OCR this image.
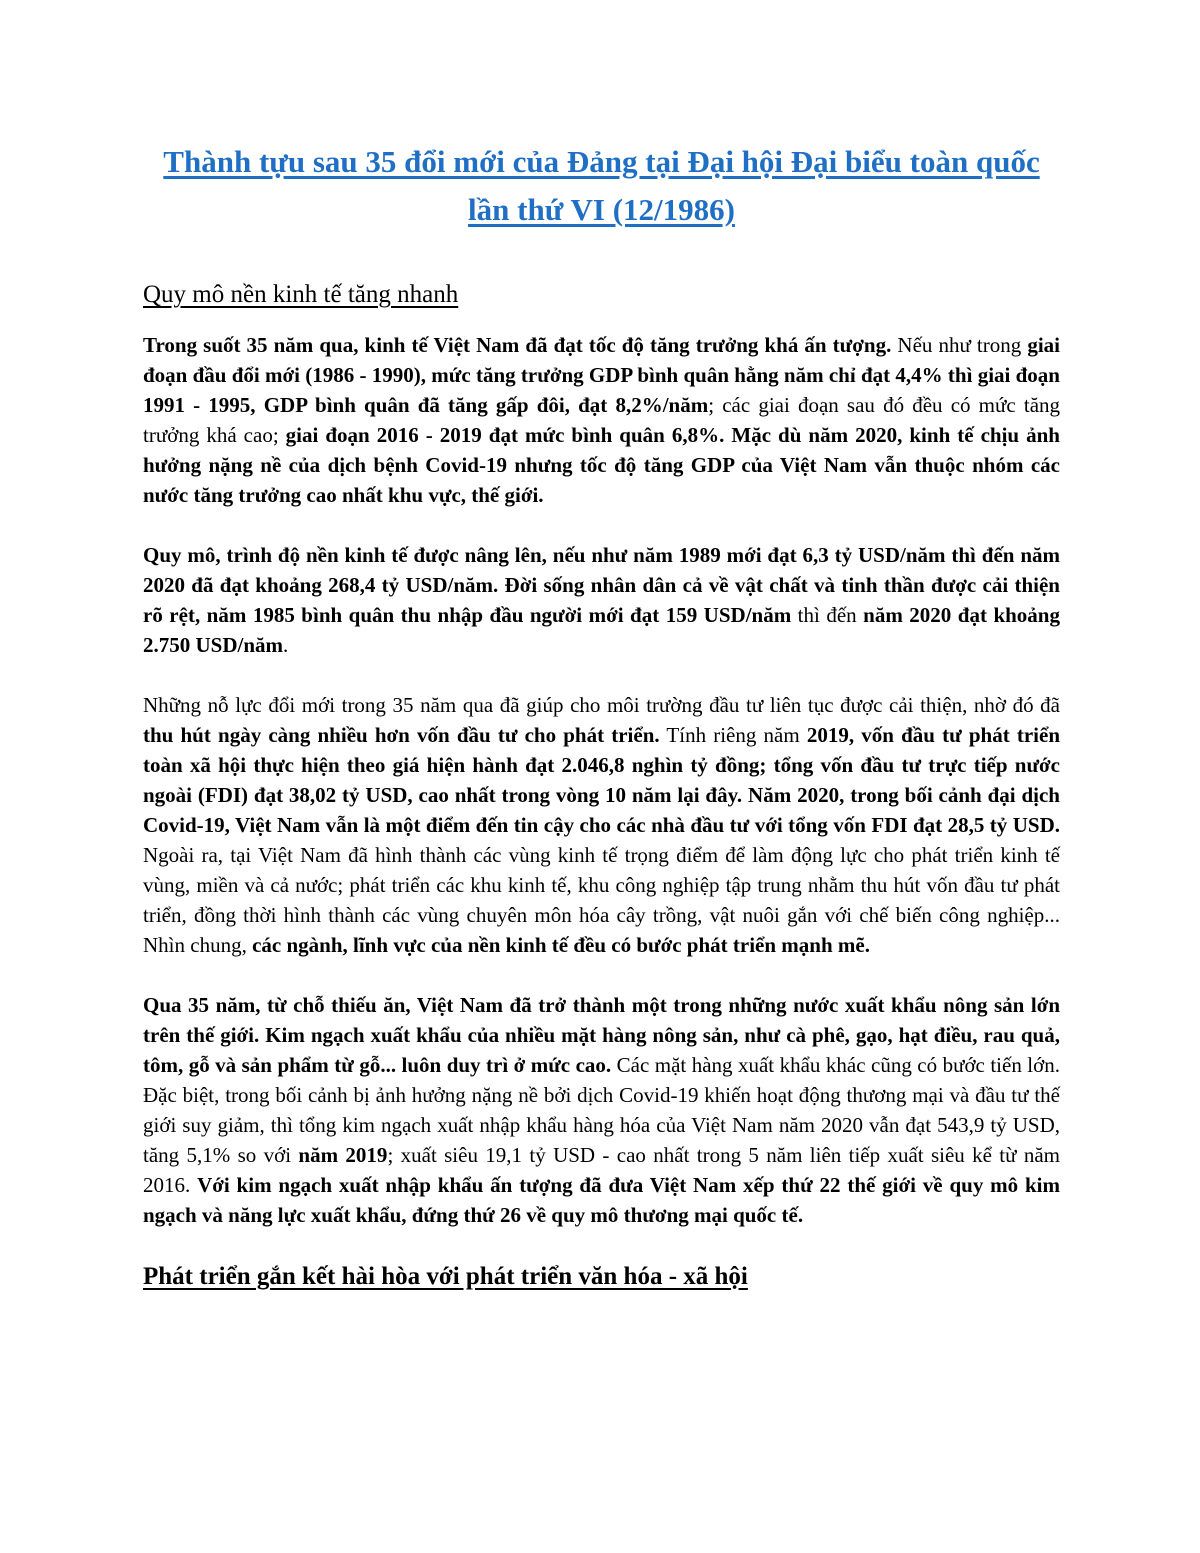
Thành tựu sau 35 đổi mới của Đảng tại Đại hội Đại biểu toàn quốc lần thứ VI (12/1986)
Quy mô nền kinh tế tăng nhanh

Trong suốt 35 năm qua, kinh tế Việt Nam đã đạt tốc độ tăng trưởng khá ấn tượng. Nếu như trong giai đoạn đầu đổi mới (1986 - 1990), mức tăng trưởng GDP bình quân hằng năm chỉ đạt 4,4% thì giai đoạn 1991 - 1995, GDP bình quân đã tăng gấp đôi, đạt 8,2%/năm; các giai đoạn sau đó đều có mức tăng trưởng khá cao; giai đoạn 2016 - 2019 đạt mức bình quân 6,8%. Mặc dù năm 2020, kinh tế chịu ảnh hưởng nặng nề của dịch bệnh Covid-19 nhưng tốc độ tăng GDP của Việt Nam vẫn thuộc nhóm các nước tăng trưởng cao nhất khu vực, thế giới.

Quy mô, trình độ nền kinh tế được nâng lên, nếu như năm 1989 mới đạt 6,3 tỷ USD/năm thì đến năm 2020 đã đạt khoảng 268,4 tỷ USD/năm. Đời sống nhân dân cả về vật chất và tinh thần được cải thiện rõ rệt, năm 1985 bình quân thu nhập đầu người mới đạt 159 USD/năm thì đến năm 2020 đạt khoảng 2.750 USD/năm.

Những nỗ lực đổi mới trong 35 năm qua đã giúp cho môi trường đầu tư liên tục được cải thiện, nhờ đó đã thu hút ngày càng nhiều hơn vốn đầu tư cho phát triển. Tính riêng năm 2019, vốn đầu tư phát triển toàn xã hội thực hiện theo giá hiện hành đạt 2.046,8 nghìn tỷ đồng; tổng vốn đầu tư trực tiếp nước ngoài (FDI) đạt 38,02 tỷ USD, cao nhất trong vòng 10 năm lại đây. Năm 2020, trong bối cảnh đại dịch Covid-19, Việt Nam vẫn là một điểm đến tin cậy cho các nhà đầu tư với tổng vốn FDI đạt 28,5 tỷ USD. Ngoài ra, tại Việt Nam đã hình thành các vùng kinh tế trọng điểm để làm động lực cho phát triển kinh tế vùng, miền và cả nước; phát triển các khu kinh tế, khu công nghiệp tập trung nhằm thu hút vốn đầu tư phát triển, đồng thời hình thành các vùng chuyên môn hóa cây trồng, vật nuôi gắn với chế biến công nghiệp... Nhìn chung, các ngành, lĩnh vực của nền kinh tế đều có bước phát triển mạnh mẽ.

Qua 35 năm, từ chỗ thiếu ăn, Việt Nam đã trở thành một trong những nước xuất khẩu nông sản lớn trên thế giới. Kim ngạch xuất khẩu của nhiều mặt hàng nông sản, như cà phê, gạo, hạt điều, rau quả, tôm, gỗ và sản phẩm từ gỗ... luôn duy trì ở mức cao. Các mặt hàng xuất khẩu khác cũng có bước tiến lớn. Đặc biệt, trong bối cảnh bị ảnh hưởng nặng nề bởi dịch Covid-19 khiến hoạt động thương mại và đầu tư thế giới suy giảm, thì tổng kim ngạch xuất nhập khẩu hàng hóa của Việt Nam năm 2020 vẫn đạt 543,9 tỷ USD, tăng 5,1% so với năm 2019; xuất siêu 19,1 tỷ USD - cao nhất trong 5 năm liên tiếp xuất siêu kể từ năm 2016. Với kim ngạch xuất nhập khẩu ấn tượng đã đưa Việt Nam xếp thứ 22 thế giới về quy mô kim ngạch và năng lực xuất khẩu, đứng thứ 26 về quy mô thương mại quốc tế.

Phát triển gắn kết hài hòa với phát triển văn hóa - xã hội
